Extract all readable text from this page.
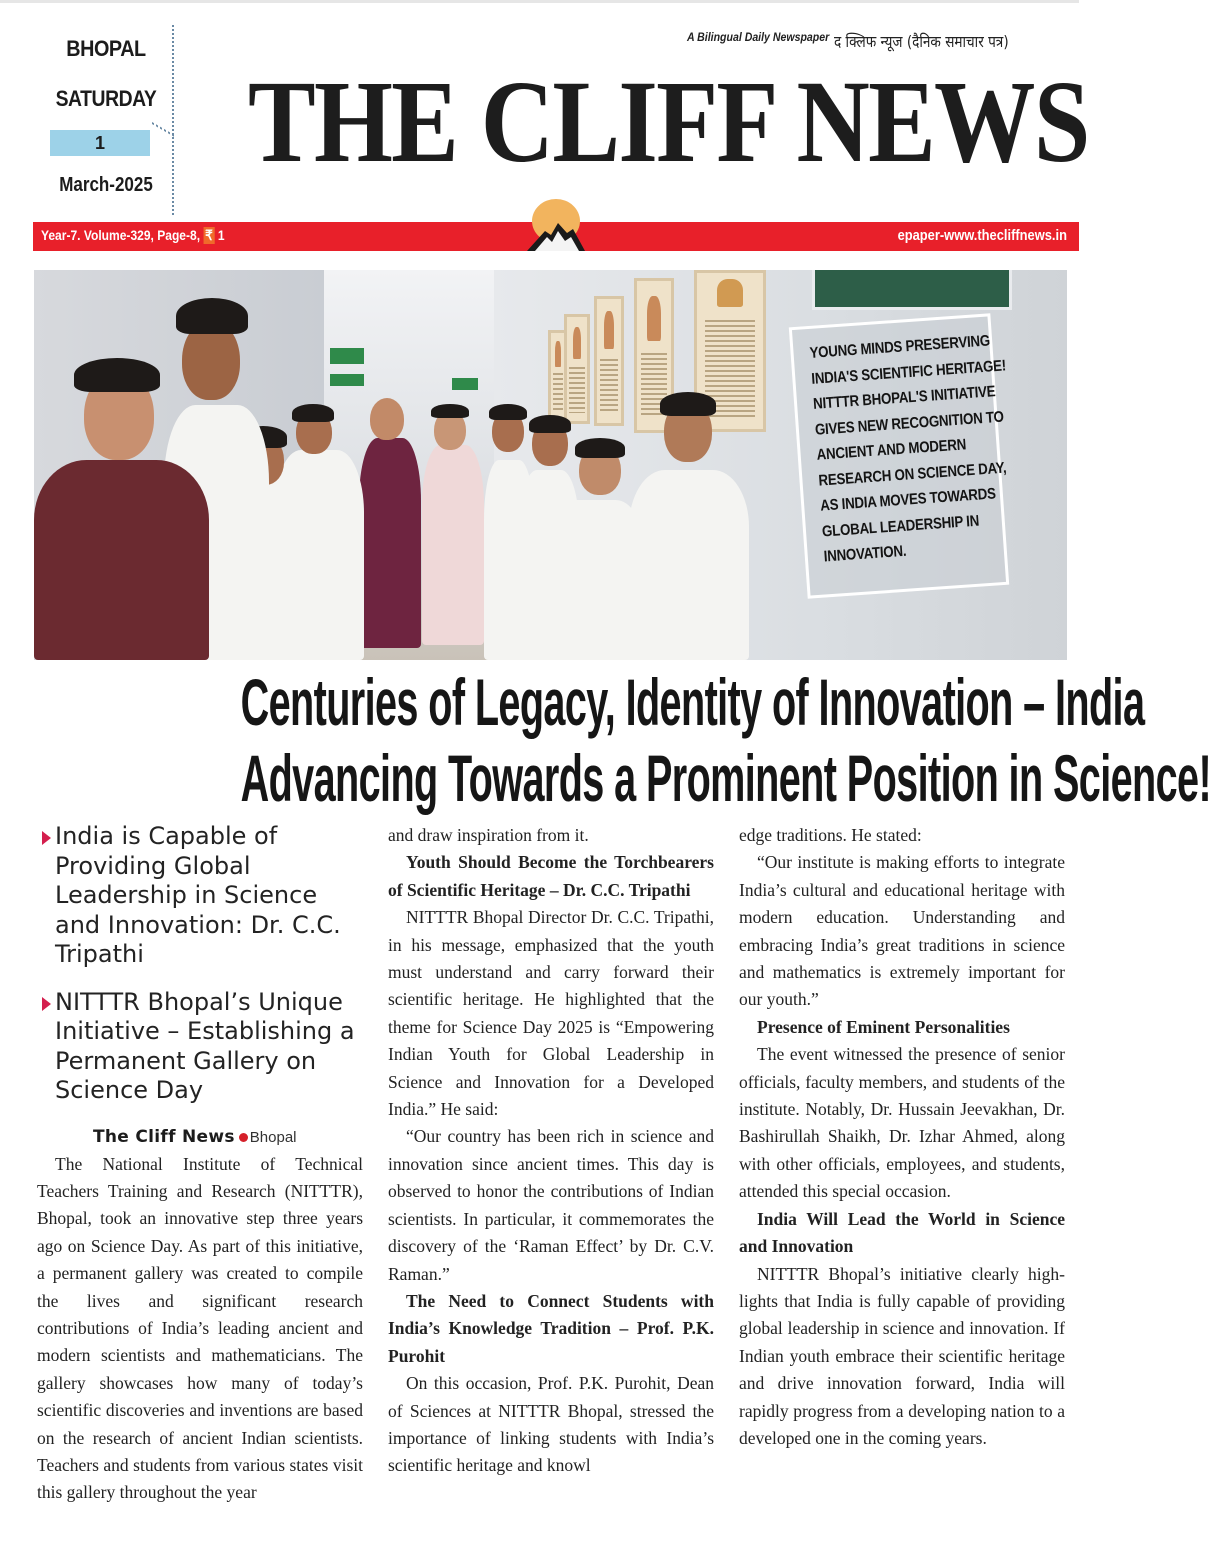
BHOPAL
SATURDAY
1
March-2025
A Bilingual Daily Newspaper द क्लिफ न्यूज (दैनिक समाचार पत्र)
THE CLIFF NEWS
Year-7. Volume-329, Page-8, ₹ 1	epaper-www.thecliffnews.in

YOUNG MINDS PRESERVING INDIA'S SCIENTIFIC HERITAGE! NITTTR BHOPAL'S INITIATIVE GIVES NEW RECOGNITION TO ANCIENT AND MODERN RESEARCH ON SCIENCE DAY, AS INDIA MOVES TOWARDS GLOBAL LEADERSHIP IN INNOVATION.

Centuries of Legacy, Identity of Innovation – India
Advancing Towards a Prominent Position in Science!
India is Capable of Providing Global Leadership in Science and Innovation: Dr. C.C. Tripathi
NITTTR Bhopal’s Unique Initiative – Establishing a Permanent Gallery on Science Day
The Cliff News Bhopal

The National Institute of Technical Teachers Training and Research (NITTTR), Bhopal, took an innovative step three years ago on Science Day. As part of this initiative, a permanent gallery was created to compile the lives and significant research contributions of India’s leading ancient and modern scientists and mathematicians. The gallery showcases how many of today’s scientific discoveries and inventions are based on the research of ancient Indian scientists. Teachers and students from various states visit this gallery throughout the year

and draw inspiration from it.

Youth Should Become the Torchbearers of Scientific Heritage – Dr. C.C. Tripathi

NITTTR Bhopal Director Dr. C.C. Tripathi, in his message, emphasized that the youth must understand and carry forward their scientific heritage. He highlighted that the theme for Science Day 2025 is “Empowering Indian Youth for Global Leadership in Science and Innovation for a Developed India.” He said:

“Our country has been rich in science and innovation since ancient times. This day is observed to honor the contributions of Indian scientists. In particular, it commemorates the discovery of the ‘Raman Effect’ by Dr. C.V. Raman.”

The Need to Connect Students with India’s Knowledge Tradition – Prof. P.K. Purohit

On this occasion, Prof. P.K. Purohit, Dean of Sciences at NITTTR Bhopal, stressed the importance of linking students with India’s scientific heritage and knowl

edge traditions. He stated:

“Our institute is making efforts to integrate India’s cultural and educational heritage with modern education. Understanding and embracing India’s great traditions in science and mathematics is extremely important for our youth.”

Presence of Eminent Personalities

The event witnessed the presence of senior officials, faculty members, and students of the institute. Notably, Dr. Hussain Jeevakhan, Dr. Bashirullah Shaikh, Dr. Izhar Ahmed, along with other officials, employees, and students, attended this special occasion.

India Will Lead the World in Science and Innovation

NITTTR Bhopal’s initiative clearly highlights that India is fully capable of providing global leadership in science and innovation. If Indian youth embrace their scientific heritage and drive innovation forward, India will rapidly progress from a developing nation to a developed one in the coming years.
